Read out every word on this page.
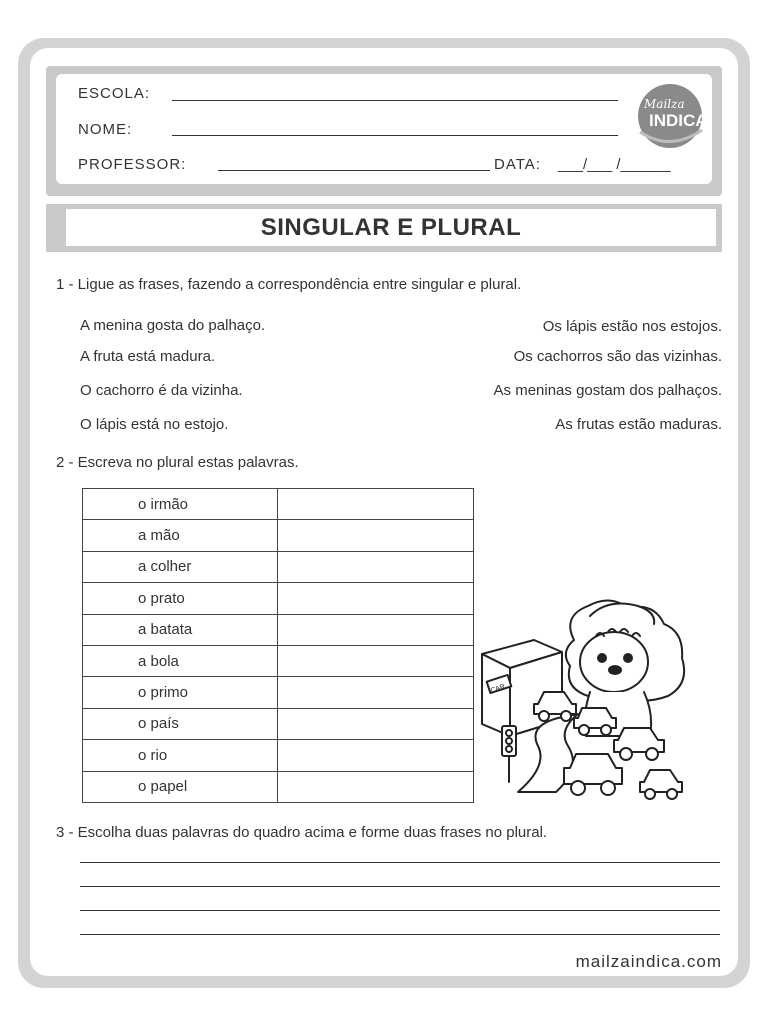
ESCOLA:
NOME:
PROFESSOR:	DATA: ___/___ /______
Mailza
INDICA
SINGULAR E PLURAL
1 - Ligue as frases, fazendo a correspondência entre singular e plural.
A menina gosta do palhaço.
A fruta está madura.
O cachorro é da vizinha.
O lápis está no estojo.
Os lápis estão nos estojos.
Os cachorros são das vizinhas.
As meninas gostam dos palhaços.
As frutas estão maduras.
2 - Escreva no plural estas palavras.
o irmão	
a mão	
a colher	
o prato	
a batata	
a bola	
o primo	
o país	
o rio	
o papel	
CAR
3 - Escolha duas palavras do quadro acima e forme duas frases no plural.
mailzaindica.com
